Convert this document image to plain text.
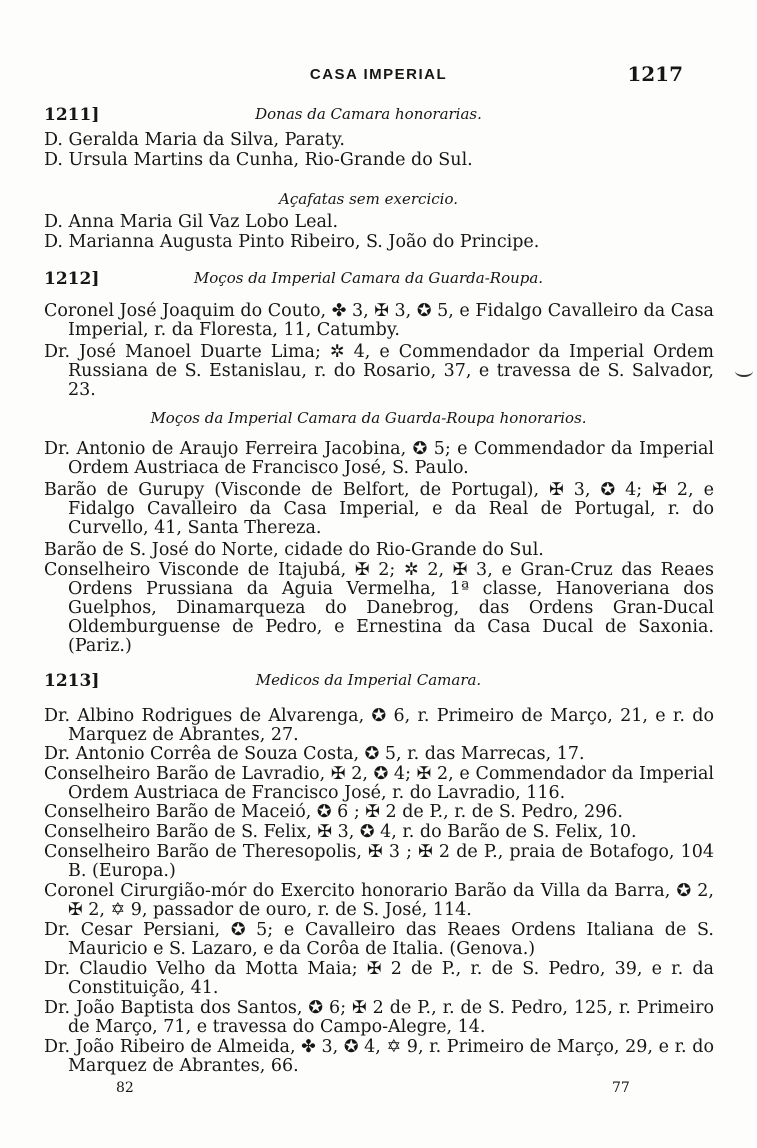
CASA IMPERIAL	1217
1211]	Donas da Camara honorarias.
D. Geralda Maria da Silva, Paraty.
D. Ursula Martins da Cunha, Rio-Grande do Sul.
Açafatas sem exercicio.
D. Anna Maria Gil Vaz Lobo Leal.
D. Marianna Augusta Pinto Ribeiro, S. João do Principe.
1212]	Moços da Imperial Camara da Guarda-Roupa.
Coronel José Joaquim do Couto, ✤ 3, ✠ 3, ✪ 5, e Fidalgo Cavalleiro da Casa Imperial, r. da Floresta, 11, Catumby.
Dr. José Manoel Duarte Lima; ✲ 4, e Commendador da Imperial Ordem Russiana de S. Estanislau, r. do Rosario, 37, e travessa de S. Salvador, 23.
Moços da Imperial Camara da Guarda-Roupa honorarios.
Dr. Antonio de Araujo Ferreira Jacobina, ✪ 5; e Commendador da Imperial Ordem Austriaca de Francisco José, S. Paulo.
Barão de Gurupy (Visconde de Belfort, de Portugal), ✠ 3, ✪ 4; ✠ 2, e Fidalgo Cavalleiro da Casa Imperial, e da Real de Portugal, r. do Curvello, 41, Santa Thereza.
Barão de S. José do Norte, cidade do Rio-Grande do Sul.
Conselheiro Visconde de Itajubá, ✠ 2; ✲ 2, ✠ 3, e Gran-Cruz das Reaes Ordens Prussiana da Aguia Vermelha, 1ª classe, Hanoveriana dos Guelphos, Dinamarqueza do Danebrog, das Ordens Gran-Ducal Oldemburguense de Pedro, e Ernestina da Casa Ducal de Saxonia. (Pariz.)
1213]	Medicos da Imperial Camara.
Dr. Albino Rodrigues de Alvarenga, ✪ 6, r. Primeiro de Março, 21, e r. do Marquez de Abrantes, 27.
Dr. Antonio Corrêa de Souza Costa, ✪ 5, r. das Marrecas, 17.
Conselheiro Barão de Lavradio, ✠ 2, ✪ 4; ✠ 2, e Commendador da Imperial Ordem Austriaca de Francisco José, r. do Lavradio, 116.
Conselheiro Barão de Maceió, ✪ 6 ; ✠ 2 de P., r. de S. Pedro, 296.
Conselheiro Barão de S. Felix, ✠ 3, ✪ 4, r. do Barão de S. Felix, 10.
Conselheiro Barão de Theresopolis, ✠ 3 ; ✠ 2 de P., praia de Botafogo, 104 B. (Europa.)
Coronel Cirurgião-mór do Exercito honorario Barão da Villa da Barra, ✪ 2, ✠ 2, ✡ 9, passador de ouro, r. de S. José, 114.
Dr. Cesar Persiani, ✪ 5; e Cavalleiro das Reaes Ordens Italiana de S. Mauricio e S. Lazaro, e da Corôa de Italia. (Genova.)
Dr. Claudio Velho da Motta Maia; ✠ 2 de P., r. de S. Pedro, 39, e r. da Constituição, 41.
Dr. João Baptista dos Santos, ✪ 6; ✠ 2 de P., r. de S. Pedro, 125, r. Primeiro de Março, 71, e travessa do Campo-Alegre, 14.
Dr. João Ribeiro de Almeida, ✤ 3, ✪ 4, ✡ 9, r. Primeiro de Março, 29, e r. do Marquez de Abrantes, 66.
82	77
